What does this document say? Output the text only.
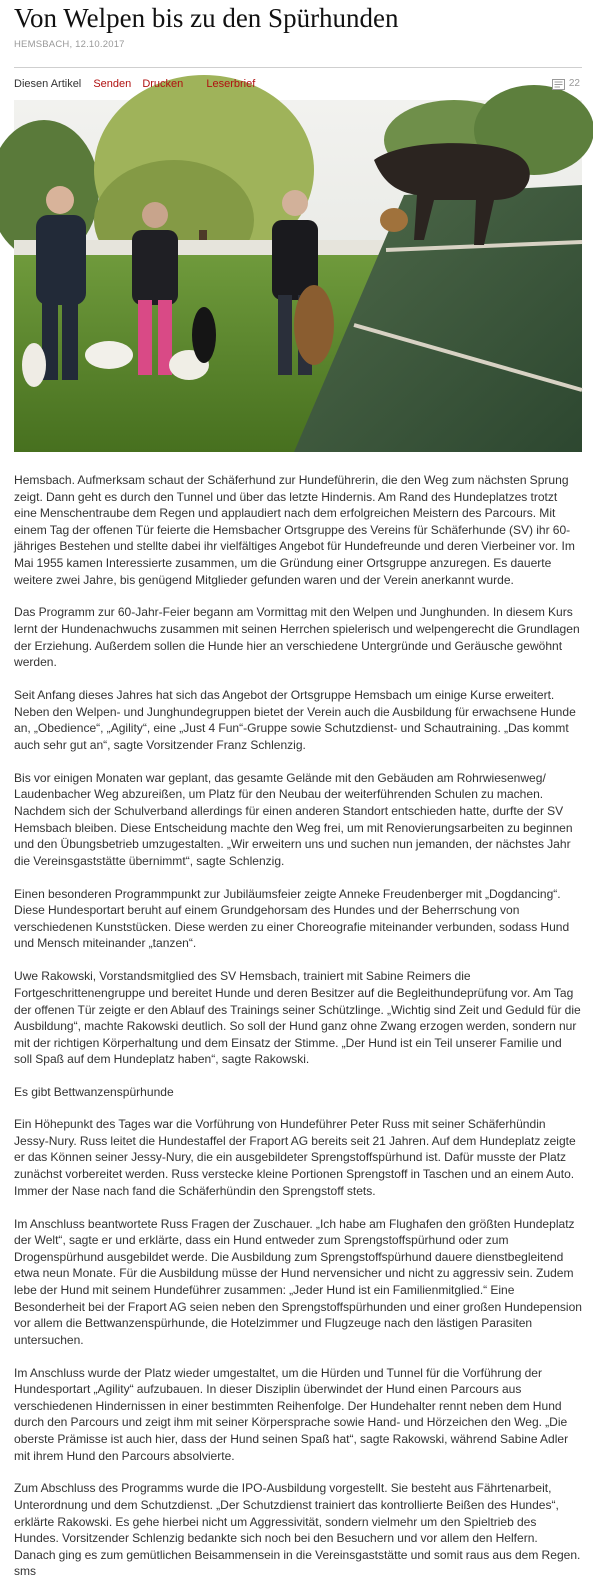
Von Welpen bis zu den Spürhunden
HEMSBACH, 12.10.2017
Diesen Artikel Senden Drucken Leserbrief	22

Hemsbach. Aufmerksam schaut der Schäferhund zur Hundeführerin, die den Weg zum nächsten Sprung zeigt. Dann geht es durch den Tunnel und über das letzte Hindernis. Am Rand des Hundeplatzes trotzt eine Menschentraube dem Regen und applaudiert nach dem erfolgreichen Meistern des Parcours. Mit einem Tag der offenen Tür feierte die Hemsbacher Ortsgruppe des Vereins für Schäferhunde (SV) ihr 60-jähriges Bestehen und stellte dabei ihr vielfältiges Angebot für Hundefreunde und deren Vierbeiner vor. Im Mai 1955 kamen Interessierte zusammen, um die Gründung einer Ortsgruppe anzuregen. Es dauerte weitere zwei Jahre, bis genügend Mitglieder gefunden waren und der Verein anerkannt wurde.

Das Programm zur 60-Jahr-Feier begann am Vormittag mit den Welpen und Junghunden. In diesem Kurs lernt der Hundenachwuchs zusammen mit seinen Herrchen spielerisch und welpengerecht die Grundlagen der Erziehung. Außerdem sollen die Hunde hier an verschiedene Untergründe und Geräusche gewöhnt werden.

Seit Anfang dieses Jahres hat sich das Angebot der Ortsgruppe Hemsbach um einige Kurse erweitert. Neben den Welpen- und Junghundegruppen bietet der Verein auch die Ausbildung für erwachsene Hunde an, „Obedience“, „Agility“, eine „Just 4 Fun“-Gruppe sowie Schutzdienst- und Schautraining. „Das kommt auch sehr gut an“, sagte Vorsitzender Franz Schlenzig.

Bis vor einigen Monaten war geplant, das gesamte Gelände mit den Gebäuden am Rohrwiesenweg/ Laudenbacher Weg abzureißen, um Platz für den Neubau der weiterführenden Schulen zu machen. Nachdem sich der Schulverband allerdings für einen anderen Standort entschieden hatte, durfte der SV Hemsbach bleiben. Diese Entscheidung machte den Weg frei, um mit Renovierungsarbeiten zu beginnen und den Übungsbetrieb umzugestalten. „Wir erweitern uns und suchen nun jemanden, der nächstes Jahr die Vereinsgaststätte übernimmt“, sagte Schlenzig.

Einen besonderen Programmpunkt zur Jubiläumsfeier zeigte Anneke Freudenberger mit „Dogdancing“. Diese Hundesportart beruht auf einem Grundgehorsam des Hundes und der Beherrschung von verschiedenen Kunststücken. Diese werden zu einer Choreografie miteinander verbunden, sodass Hund und Mensch miteinander „tanzen“.

Uwe Rakowski, Vorstandsmitglied des SV Hemsbach, trainiert mit Sabine Reimers die Fortgeschrittenengruppe und bereitet Hunde und deren Besitzer auf die Begleithundeprüfung vor. Am Tag der offenen Tür zeigte er den Ablauf des Trainings seiner Schützlinge. „Wichtig sind Zeit und Geduld für die Ausbildung“, machte Rakowski deutlich. So soll der Hund ganz ohne Zwang erzogen werden, sondern nur mit der richtigen Körperhaltung und dem Einsatz der Stimme. „Der Hund ist ein Teil unserer Familie und soll Spaß auf dem Hundeplatz haben“, sagte Rakowski.

Es gibt Bettwanzenspürhunde

Ein Höhepunkt des Tages war die Vorführung von Hundeführer Peter Russ mit seiner Schäferhündin Jessy-Nury. Russ leitet die Hundestaffel der Fraport AG bereits seit 21 Jahren. Auf dem Hundeplatz zeigte er das Können seiner Jessy-Nury, die ein ausgebildeter Sprengstoffspürhund ist. Dafür musste der Platz zunächst vorbereitet werden. Russ verstecke kleine Portionen Sprengstoff in Taschen und an einem Auto. Immer der Nase nach fand die Schäferhündin den Sprengstoff stets.

Im Anschluss beantwortete Russ Fragen der Zuschauer. „Ich habe am Flughafen den größten Hundeplatz der Welt“, sagte er und erklärte, dass ein Hund entweder zum Sprengstoffspürhund oder zum Drogenspürhund ausgebildet werde. Die Ausbildung zum Sprengstoffspürhund dauere dienstbegleitend etwa neun Monate. Für die Ausbildung müsse der Hund nervensicher und nicht zu aggressiv sein. Zudem lebe der Hund mit seinem Hundeführer zusammen: „Jeder Hund ist ein Familienmitglied.“ Eine Besonderheit bei der Fraport AG seien neben den Sprengstoffspürhunden und einer großen Hundepension vor allem die Bettwanzenspürhunde, die Hotelzimmer und Flugzeuge nach den lästigen Parasiten untersuchen.

Im Anschluss wurde der Platz wieder umgestaltet, um die Hürden und Tunnel für die Vorführung der Hundesportart „Agility“ aufzubauen. In dieser Disziplin überwindet der Hund einen Parcours aus verschiedenen Hindernissen in einer bestimmten Reihenfolge. Der Hundehalter rennt neben dem Hund durch den Parcours und zeigt ihm mit seiner Körpersprache sowie Hand- und Hörzeichen den Weg. „Die oberste Prämisse ist auch hier, dass der Hund seinen Spaß hat“, sagte Rakowski, während Sabine Adler mit ihrem Hund den Parcours absolvierte.

Zum Abschluss des Programms wurde die IPO-Ausbildung vorgestellt. Sie besteht aus Fährtenarbeit, Unterordnung und dem Schutzdienst. „Der Schutzdienst trainiert das kontrollierte Beißen des Hundes“, erklärte Rakowski. Es gehe hierbei nicht um Aggressivität, sondern vielmehr um den Spieltrieb des Hundes. Vorsitzender Schlenzig bedankte sich noch bei den Besuchern und vor allem den Helfern. Danach ging es zum gemütlichen Beisammensein in die Vereinsgaststätte und somit raus aus dem Regen. sms
